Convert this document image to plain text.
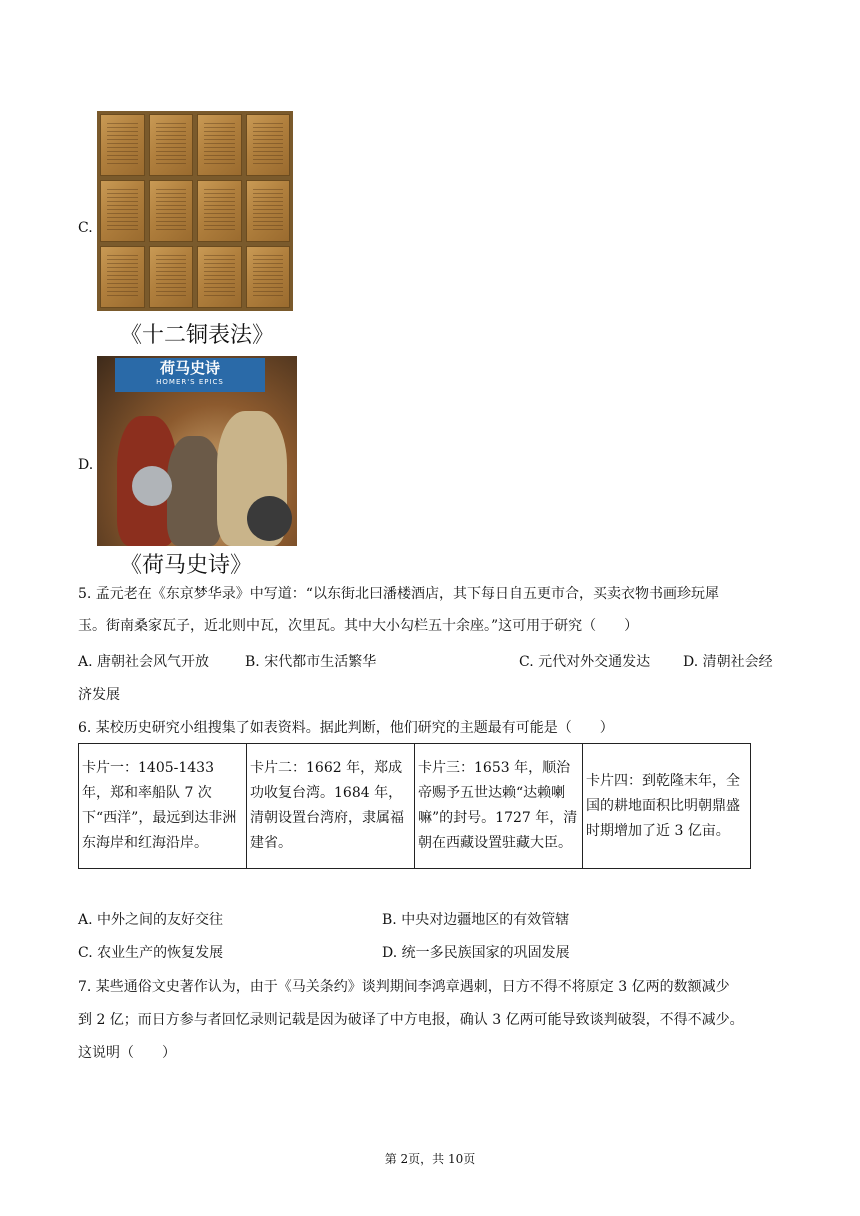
C.
《十二铜表法》
D.
荷马史诗
HOMER'S EPICS
《荷马史诗》
5. 孟元老在《东京梦华录》中写道：“以东街北曰潘楼酒店，其下每日自五更市合，买卖衣物书画珍玩犀
玉。街南桑家瓦子，近北则中瓦，次里瓦。其中大小勾栏五十余座。”这可用于研究（　　）
A. 唐朝社会风气开放	B. 宋代都市生活繁华	C. 元代对外交通发达 D. 清朝社会经
济发展
6. 某校历史研究小组搜集了如表资料。据此判断，他们研究的主题最有可能是（　　）
卡片一：1405-1433 年，郑和率船队 7 次下“西洋”，最远到达非洲东海岸和红海沿岸。	卡片二：1662 年，郑成功收复台湾。1684 年，清朝设置台湾府，隶属福建省。	卡片三：1653 年，顺治帝赐予五世达赖“达赖喇嘛”的封号。1727 年，清朝在西藏设置驻藏大臣。	卡片四：到乾隆末年，全国的耕地面积比明朝鼎盛时期增加了近 3 亿亩。
A. 中外之间的友好交往	B. 中央对边疆地区的有效管辖
C. 农业生产的恢复发展	D. 统一多民族国家的巩固发展
7. 某些通俗文史著作认为，由于《马关条约》谈判期间李鸿章遇刺，日方不得不将原定 3 亿两的数额减少
到 2 亿；而日方参与者回忆录则记载是因为破译了中方电报，确认 3 亿两可能导致谈判破裂，不得不减少。
这说明（　　）
第 2页，共 10页
